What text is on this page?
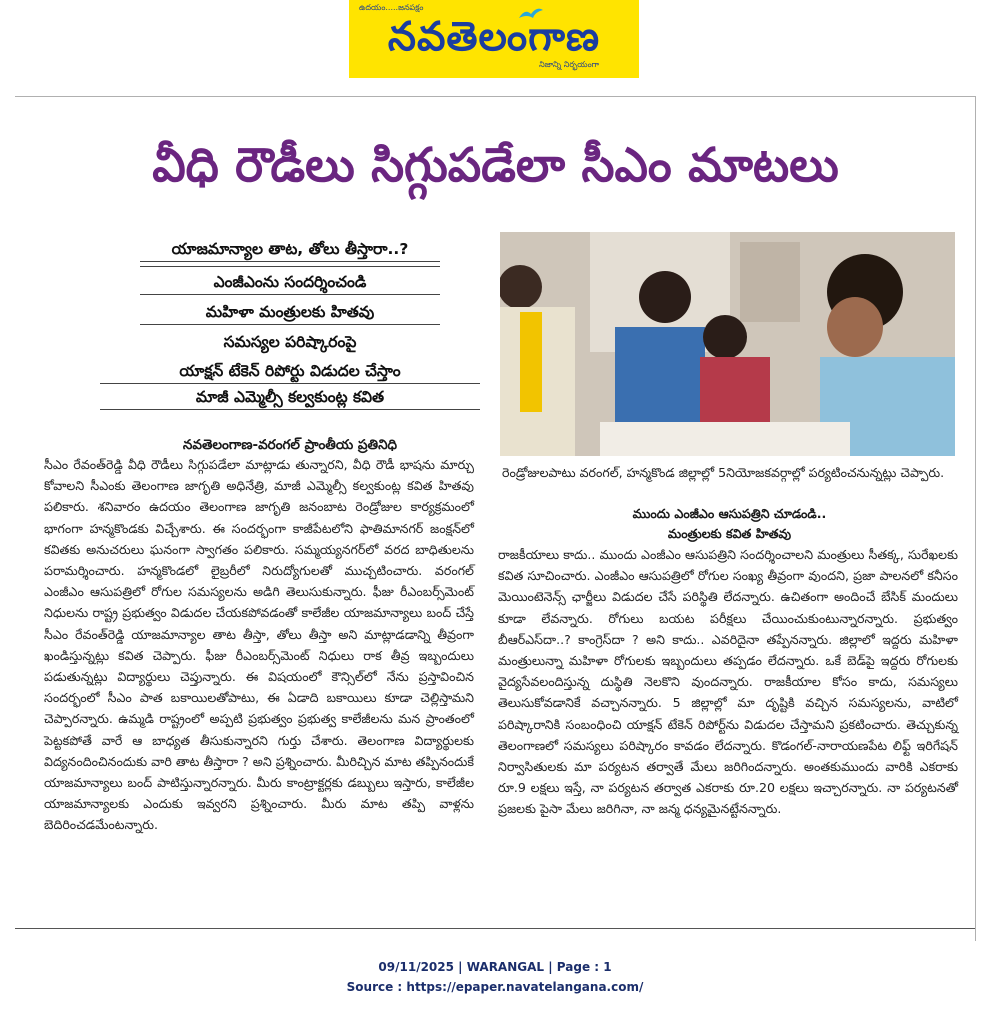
ఉదయం.....జనపక్షం
నవతెలంగాణ
నిజాన్ని నిర్భయంగా
వీధి రౌడీలు సిగ్గుపడేలా సీఎం మాటలు
యాజమాన్యాల తాట, తోలు తీస్తారా..?
ఎంజీఎంను సందర్శించండి
మహిళా మంత్రులకు హితవు
సమస్యల పరిష్కారంపై
యాక్షన్ టేకెన్ రిపోర్టు విడుదల చేస్తాం
మాజీ ఎమ్మెల్సీ కల్వకుంట్ల కవిత
నవతెలంగాణ-వరంగల్ ప్రాంతీయ ప్రతినిధి
సీఎం రేవంత్‌రెడ్డి వీధి రౌడీలు సిగ్గుపడేలా మాట్లాడు తున్నారని, వీధి రౌడీ భాషను మార్చు కోవాలని సీఎంకు తెలంగాణ జాగృతి అధినేత్రి, మాజీ ఎమ్మెల్సీ కల్వకుంట్ల కవిత హితవు పలికారు. శనివారం ఉదయం తెలంగాణ జాగృతి జనంబాట రెండ్రోజుల కార్యక్రమంలో భాగంగా హన్మకొండకు విచ్చేశారు. ఈ సందర్భంగా కాజీపేటలోని ఫాతిమానగర్ జంక్షన్‌లో కవితకు అనుచరులు ఘనంగా స్వాగతం పలికారు. సమ్మయ్యనగర్‌లో వరద బాధితులను పరామర్శించారు. హన్మకొండలో లైబ్రరీలో నిరుద్యోగులతో ముచ్చటించారు. వరంగల్ ఎంజీఎం ఆసుపత్రిలో రోగుల సమస్యలను అడిగి తెలుసుకున్నారు. ఫీజు రీఎంబర్స్‌మెంట్ నిధులను రాష్ట్ర ప్రభుత్వం విడుదల చేయకపోవడంతో కాలేజీల యాజమాన్యాలు బంద్ చేస్తే సీఎం రేవంత్‌రెడ్డి యాజమాన్యాల తాట తీస్తా, తోలు తీస్తా అని మాట్లాడడాన్ని తీవ్రంగా ఖండిస్తున్నట్లు కవిత చెప్పారు. ఫీజు రీఎంబర్స్‌మెంట్ నిధులు రాక తీవ్ర ఇబ్బందులు పడుతున్నట్లు విద్యార్థులు చెప్తున్నారు. ఈ విషయంలో కౌన్సిల్‌లో నేను ప్రస్తావించిన సందర్భంలో సీఎం పాత బకాయిలతోపాటు, ఈ ఏడాది బకాయిలు కూడా చెల్లిస్తామని చెప్పారన్నారు. ఉమ్మడి రాష్ట్రంలో అప్పటి ప్రభుత్వం ప్రభుత్వ కాలేజీలను మన ప్రాంతంలో పెట్టకపోతే వారే ఆ బాధ్యత తీసుకున్నారని గుర్తు చేశారు. తెలంగాణ విద్యార్థులకు విద్యనందించినందుకు వారి తాట తీస్తారా ? అని ప్రశ్నించారు. మీరిచ్చిన మాట తప్పినందుకే యాజమాన్యాలు బంద్ పాటిస్తున్నారన్నారు. మీరు కాంట్రాక్టర్లకు డబ్బులు ఇస్తారు, కాలేజీల యాజమాన్యాలకు ఎందుకు ఇవ్వరని ప్రశ్నించారు. మీరు మాట తప్పి వాళ్లను బెదిరించడమేంటన్నారు.
రెండ్రోజులపాటు వరంగల్, హన్మకొండ జిల్లాల్లో 5నియోజకవర్గాల్లో పర్యటించనున్నట్లు చెప్పారు.
ముందు ఎంజీఎం ఆసుపత్రిని చూడండి..
మంత్రులకు కవిత హితవు
రాజకీయాలు కాదు.. ముందు ఎంజీఎం ఆసుపత్రిని సందర్శించాలని మంత్రులు సీతక్క, సురేఖలకు కవిత సూచించారు. ఎంజీఎం ఆసుపత్రిలో రోగుల సంఖ్య తీవ్రంగా వుందని, ప్రజా పాలనలో కనీసం మెయింటెనెన్స్ ఛార్జీలు విడుదల చేసే పరిస్థితి లేదన్నారు. ఉచితంగా అందించే బేసిక్ మందులు కూడా లేవన్నారు. రోగులు బయట పరీక్షలు చేయించుకుంటున్నారన్నారు. ప్రభుత్వం బీఆర్‌ఎస్‌దా..? కాంగ్రెస్‌దా ? అని కాదు.. ఎవరిదైనా తప్పేనన్నారు. జిల్లాలో ఇద్దరు మహిళా మంత్రులున్నా మహిళా రోగులకు ఇబ్బందులు తప్పడం లేదన్నారు. ఒకే బెడ్‌పై ఇద్దరు రోగులకు వైద్యసేవలందిస్తున్న దుస్థితి నెలకొని వుందన్నారు. రాజకీయాల కోసం కాదు, సమస్యలు తెలుసుకోవడానికే వచ్చానన్నారు. 5 జిల్లాల్లో మా దృష్టికి వచ్చిన సమస్యలను, వాటిలో పరిష్కారానికి సంబంధించి యాక్షన్ టేకెన్ రిపోర్ట్‌ను విడుదల చేస్తామని ప్రకటించారు. తెచ్చుకున్న తెలంగాణలో సమస్యలు పరిష్కారం కావడం లేదన్నారు. కొడంగల్-నారాయణపేట లిఫ్ట్ ఇరిగేషన్ నిర్వాసితులకు మా పర్యటన తర్వాతే మేలు జరిగిందన్నారు. అంతకుముందు వారికి ఎకరాకు రూ.9 లక్షలు ఇస్తే, నా పర్యటన తర్వాత ఎకరాకు రూ.20 లక్షలు ఇచ్చారన్నారు. నా పర్యటనతో ప్రజలకు పైసా మేలు జరిగినా, నా జన్మ ధన్యమైనట్టేనన్నారు.
09/11/2025 | WARANGAL | Page : 1
Source : https://epaper.navatelangana.com/
